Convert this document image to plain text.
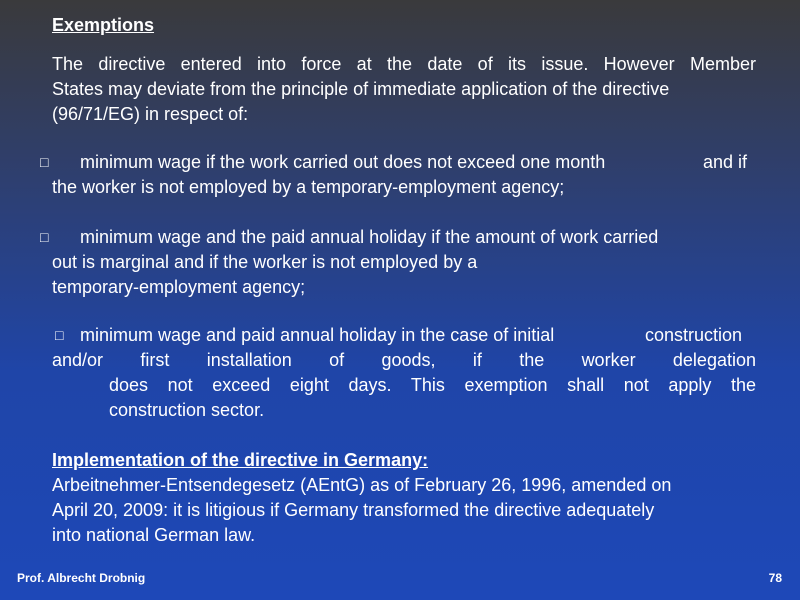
Exemptions
The directive entered into force at the date of its issue. However Member
States may deviate from the principle of immediate application of the directive
(96/71/EG) in respect of:
□ minimum wage if the work carried out does not exceed one month	and if
the worker is not employed by a temporary-employment agency;
□ minimum wage and the paid annual holiday if the amount of work carried
out is marginal and if the worker is not employed by a
temporary-employment agency;
□ minimum wage and paid annual holiday in the case of initial	construction
and/or first installation of goods, if the worker delegation
does not exceed eight days. This exemption shall not apply the
construction sector.
Implementation of the directive in Germany:
Arbeitnehmer-Entsendegesetz (AEntG) as of February 26, 1996, amended on
April 20, 2009: it is litigious if Germany transformed the directive adequately
into national German law.
Prof. Albrecht Drobnig	78
